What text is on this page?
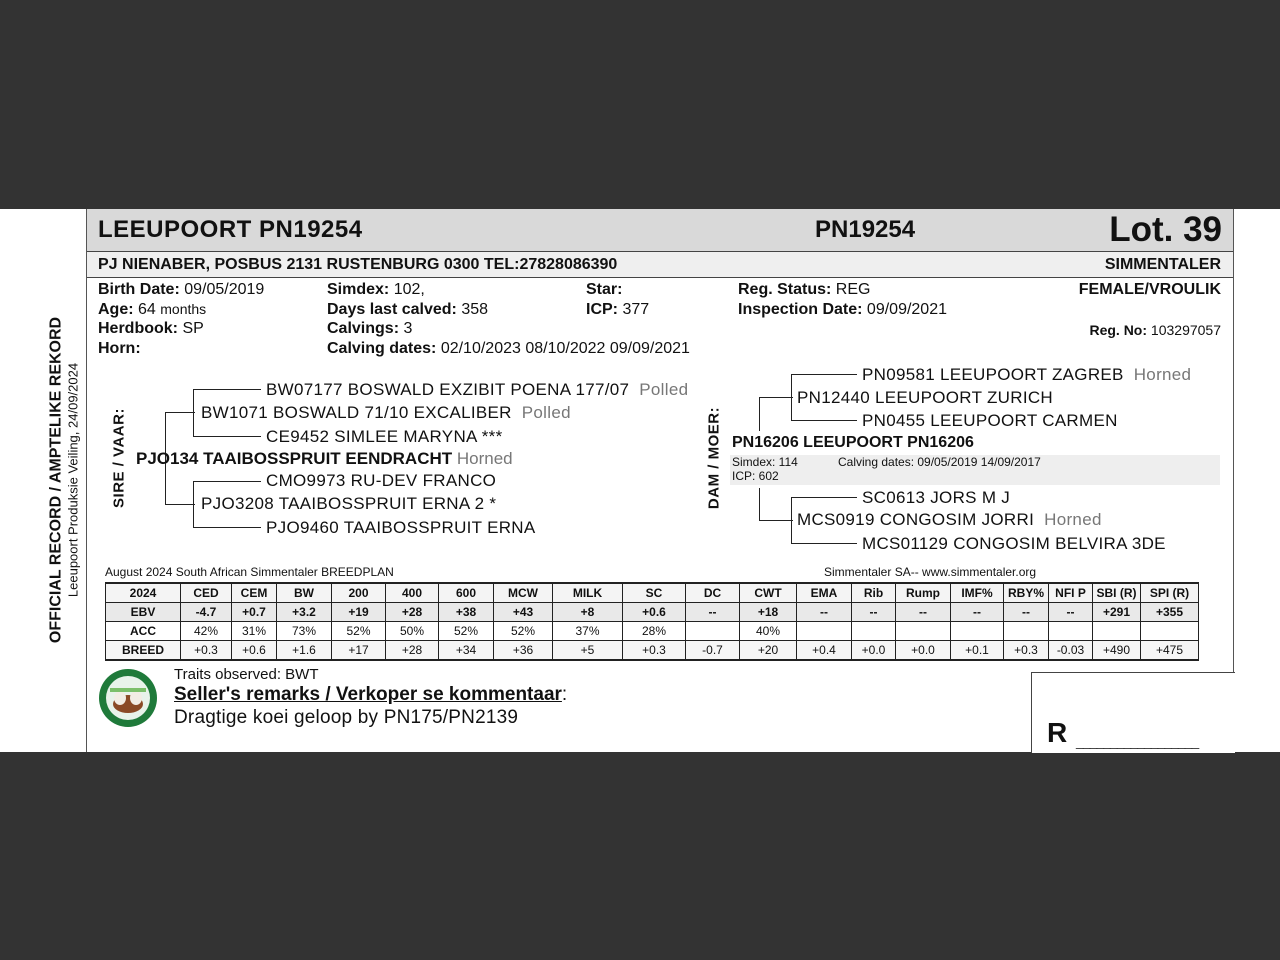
LEEUPOORT PN19254	PN19254	Lot. 39
PJ NIENABER, POSBUS 2131 RUSTENBURG 0300 TEL:27828086390	SIMMENTALER
OFFICIAL RECORD / AMPTELIKE REKORD Leeupoort Produksie Veiling, 24/09/2024
Birth Date: 09/05/2019
Age: 64 months
Herdbook: SP
Horn:
Simdex: 102,
Days last calved: 358
Calvings: 3
Calving dates: 02/10/2023 08/10/2022 09/09/2021
Star:
ICP: 377
Reg. Status: REG
Inspection Date: 09/09/2021
FEMALE/VROULIK
Reg. No: 103297057
SIRE / VAAR:
BW07177 BOSWALD EXZIBIT POENA 177/07 Polled
BW1071 BOSWALD 71/10 EXCALIBER Polled
CE9452 SIMLEE MARYNA ***
PJO134 TAAIBOSSPRUIT EENDRACHT Horned
CMO9973 RU-DEV FRANCO
PJO3208 TAAIBOSSPRUIT ERNA 2 *
PJO9460 TAAIBOSSPRUIT ERNA
DAM / MOER:
PN09581 LEEUPOORT ZAGREB Horned
PN12440 LEEUPOORT ZURICH
PN0455 LEEUPOORT CARMEN
PN16206 LEEUPOORT PN16206
Simdex: 114	Calving dates: 09/05/2019 14/09/2017
ICP: 602
SC0613 JORS M J
MCS0919 CONGOSIM JORRI Horned
MCS01129 CONGOSIM BELVIRA 3DE
August 2024 South African Simmentaler BREEDPLAN	Simmentaler SA-- www.simmentaler.org
2024	CED	CEM	BW	200	400	600	MCW	MILK	SC	DC	CWT	EMA	Rib	Rump	IMF%	RBY%	NFI P	SBI (R)	SPI (R)
EBV	-4.7	+0.7	+3.2	+19	+28	+38	+43	+8	+0.6	--	+18	--	--	--	--	--	--	+291	+355
ACC	42%	31%	73%	52%	50%	52%	52%	37%	28%		40%								
BREED	+0.3	+0.6	+1.6	+17	+28	+34	+36	+5	+0.3	-0.7	+20	+0.4	+0.0	+0.0	+0.1	+0.3	-0.03	+490	+475
Traits observed: BWT
Seller's remarks / Verkoper se kommentaar:
Dragtige koei geloop by PN175/PN2139	R __________________
